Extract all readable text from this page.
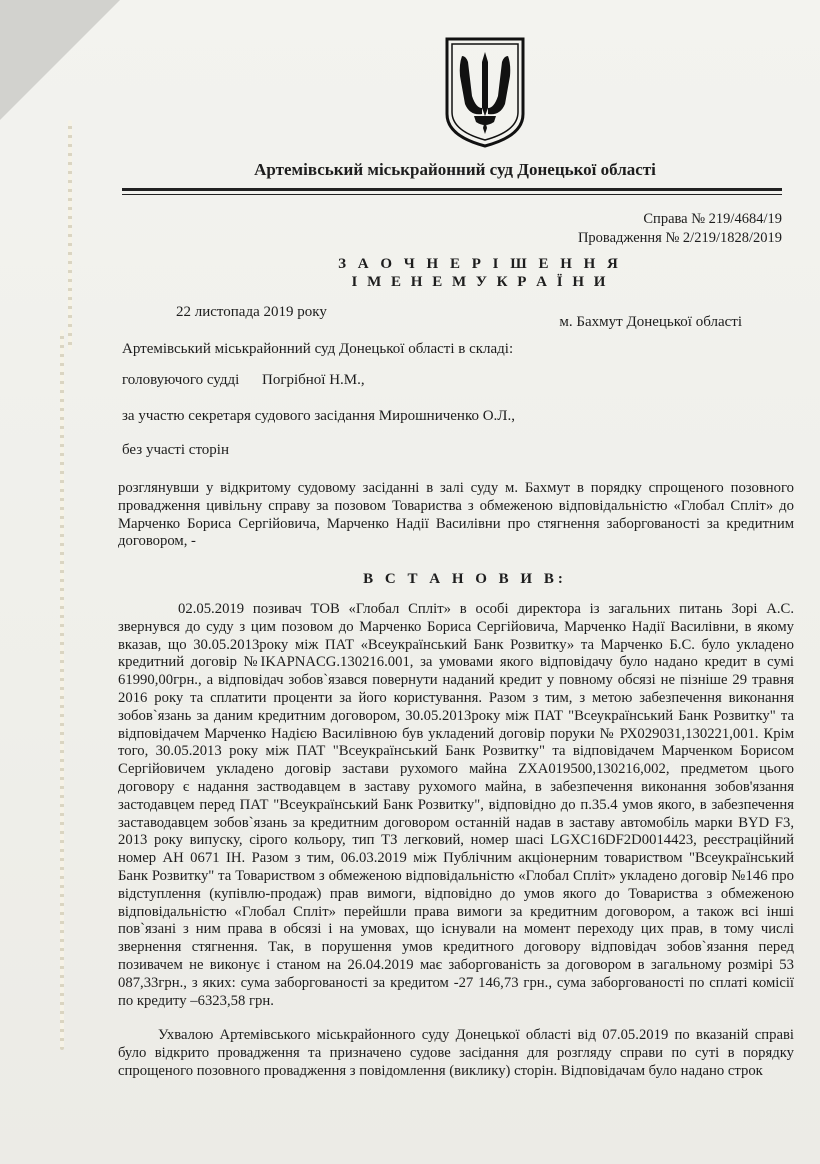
Артемівський міськрайонний суд Донецької області
Справа № 219/4684/19
Провадження № 2/219/1828/2019
З А О Ч Н Е Р І Ш Е Н Н Я
І М Е Н Е М У К Р А Ї Н И
22 листопада 2019 року
м. Бахмут Донецької області
Артемівський міськрайонний суд Донецької області в складі:
головуючого судді Погрібної Н.М.,
за участю секретаря судового засідання Мирошниченко О.Л.,
без участі сторін

розглянувши у відкритому судовому засіданні в залі суду м. Бахмут в порядку спрощеного позовного провадження цивільну справу за позовом Товариства з обмеженою відповідальністю «Глобал Спліт» до Марченко Бориса Сергійовича, Марченко Надії Василівни про стягнення заборгованості за кредитним договором, -

В С Т А Н О В И В:

02.05.2019 позивач ТОВ «Глобал Спліт» в особі директора із загальних питань Зорі А.С. звернувся до суду з цим позовом до Марченко Бориса Сергійовича, Марченко Надії Василівни, в якому вказав, що 30.05.2013року між ПАТ «Всеукраїнський Банк Розвитку» та Марченко Б.С. було укладено кредитний договір №IKAPNACG.130216.001, за умовами якого відповідачу було надано кредит в сумі 61990,00грн., а відповідач зобов`язався повернути наданий кредит у повному обсязі не пізніше 29 травня 2016 року та сплатити проценти за його користування. Разом з тим, з метою забезпечення виконання зобов`язань за даним кредитним договором, 30.05.2013року між ПАТ "Всеукраїнський Банк Розвитку" та відповідачем Марченко Надією Василівною був укладений договір поруки № РХ029031,130221,001. Крім того, 30.05.2013 року між ПАТ "Всеукраїнський Банк Розвитку" та відповідачем Марченком Борисом Сергійовичем укладено договір застави рухомого майна ZXA019500,130216,002, предметом цього договору є надання застводавцем в заставу рухомого майна, в забезпечення виконання зобов'язання застодавцем перед ПАТ "Всеукраїнський Банк Розвитку", відповідно до п.35.4 умов якого, в забезпечення заставодавцем зобов`язань за кредитним договором останній надав в заставу автомобіль марки BYD F3, 2013 року випуску, сірого кольору, тип ТЗ легковий, номер шасі LGXC16DF2D0014423, реєстраційний номер АН 0671 ІН. Разом з тим, 06.03.2019 між Публічним акціонерним товариством "Всеукраїнський Банк Розвитку" та Товариством з обмеженою відповідальністю «Глобал Спліт» укладено договір №146 про відступлення (купівлю-продаж) прав вимоги, відповідно до умов якого до Товариства з обмеженою відповідальністю «Глобал Спліт» перейшли права вимоги за кредитним договором, а також всі інші пов`язані з ним права в обсязі і на умовах, що існували на момент переходу цих прав, в тому числі звернення стягнення. Так, в порушення умов кредитного договору відповідач зобов`язання перед позивачем не виконує і станом на 26.04.2019 має заборгованість за договором в загальному розмірі 53 087,33грн., з яких: сума заборгованості за кредитом -27 146,73 грн., сума заборгованості по сплаті комісії по кредиту –6323,58 грн.

Ухвалою Артемівського міськрайонного суду Донецької області від 07.05.2019 по вказаній справі було відкрито провадження та призначено судове засідання для розгляду справи по суті в порядку спрощеного позовного провадження з повідомлення (виклику) сторін. Відповідачам було надано строк
